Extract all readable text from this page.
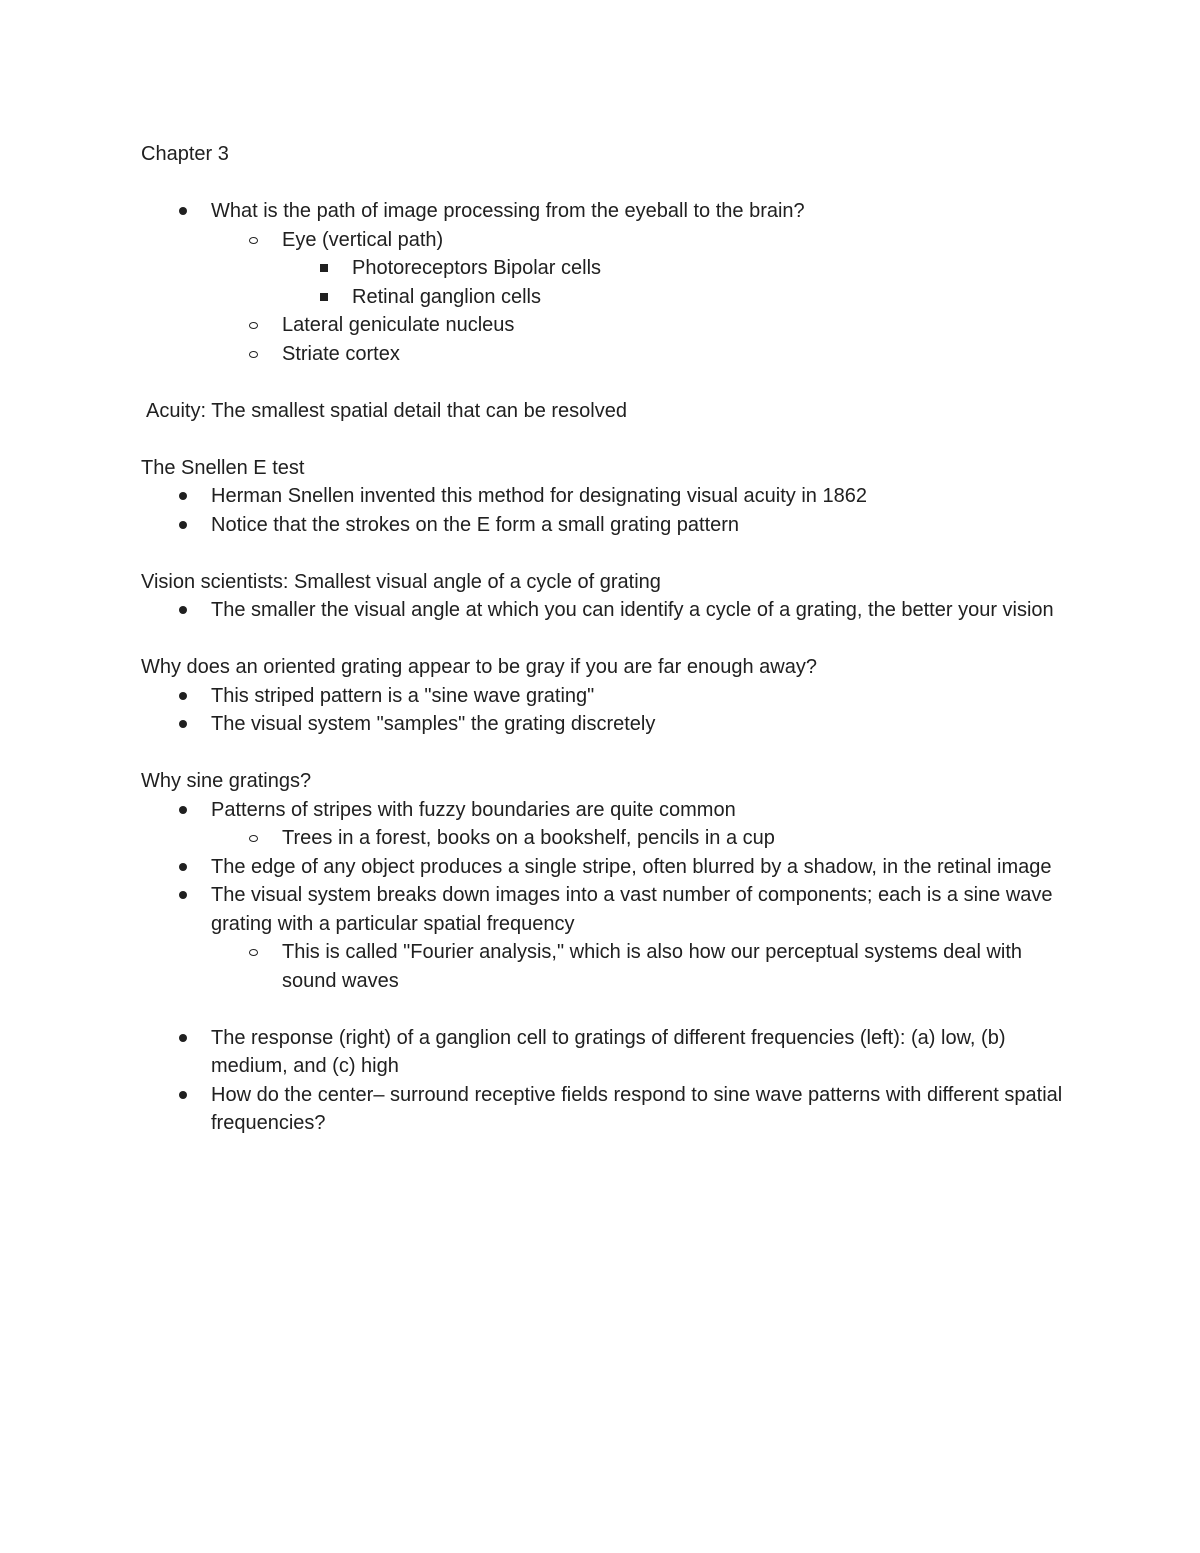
Chapter 3

What is the path of image processing from the eyeball to the brain?
Eye (vertical path)
Photoreceptors Bipolar cells
Retinal ganglion cells
Lateral geniculate nucleus
Striate cortex

Acuity: The smallest spatial detail that can be resolved

The Snellen E test

Herman Snellen invented this method for designating visual acuity in 1862
Notice that the strokes on the E form a small grating pattern

Vision scientists: Smallest visual angle of a cycle of grating

The smaller the visual angle at which you can identify a cycle of a grating, the better your vision

Why does an oriented grating appear to be gray if you are far enough away?

This striped pattern is a "sine wave grating"
The visual system "samples" the grating discretely

Why sine gratings?

Patterns of stripes with fuzzy boundaries are quite common
Trees in a forest, books on a bookshelf, pencils in a cup
The edge of any object produces a single stripe, often blurred by a shadow, in the retinal image
The visual system breaks down images into a vast number of components; each is a sine wave grating with a particular spatial frequency
This is called "Fourier analysis," which is also how our perceptual systems deal with sound waves
The response (right) of a ganglion cell to gratings of different frequencies (left): (a) low, (b) medium, and (c) high
How do the center– surround receptive fields respond to sine wave patterns with different spatial frequencies?
